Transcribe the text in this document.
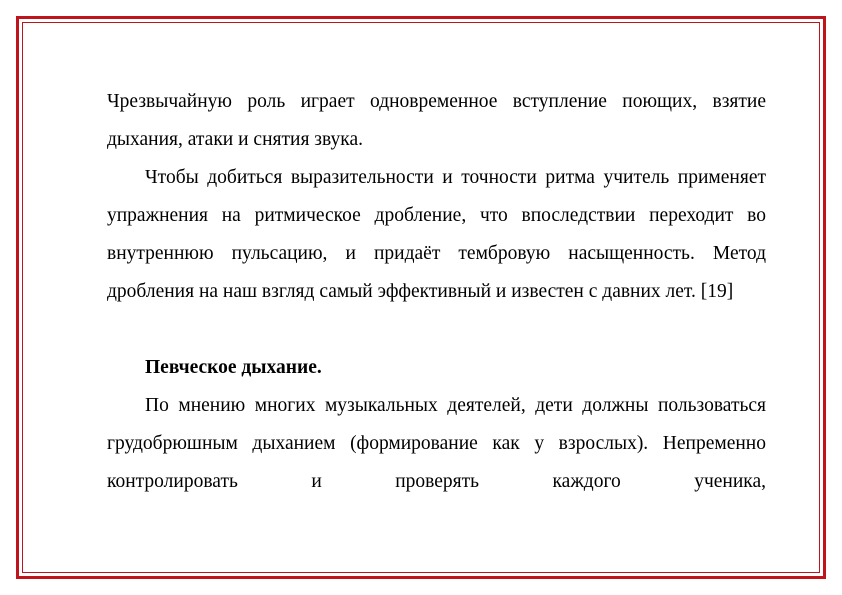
Чрезвычайную роль играет одновременное вступление поющих, взятие дыхания, атаки и снятия звука.

Чтобы добиться выразительности и точности ритма учитель применяет упражнения на ритмическое дробление, что впоследствии переходит во внутреннюю пульсацию, и придаёт тембровую насыщенность. Метод дробления на наш взгляд самый эффективный и известен с давних лет. [19]

Певческое дыхание.

По мнению многих музыкальных деятелей, дети должны пользоваться грудобрюшным дыханием (формирование как у взрослых). Непременно контролировать и проверять каждого ученика,
